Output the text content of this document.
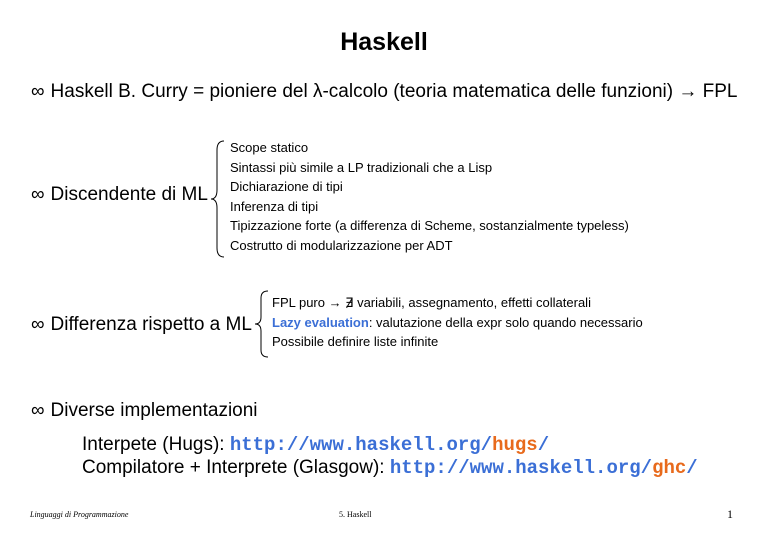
Haskell
∞ Haskell B. Curry = pioniere del λ-calcolo (teoria matematica delle funzioni) → FPL
∞ Discendente di ML
Scope statico
Sintassi più simile a LP tradizionali che a Lisp
Dichiarazione di tipi
Inferenza di tipi
Tipizzazione forte (a differenza di Scheme, sostanzialmente typeless)
Costrutto di modularizzazione per ADT
∞ Differenza rispetto a ML
FPL puro → ∃ variabili, assegnamento, effetti collaterali
Lazy evaluation: valutazione della expr solo quando necessario
Possibile definire liste infinite
∞ Diverse implementazioni
Interpete (Hugs): http://www.haskell.org/hugs/
Compilatore + Interprete (Glasgow): http://www.haskell.org/ghc/
Linguaggi di Programmazione	5. Haskell	1
